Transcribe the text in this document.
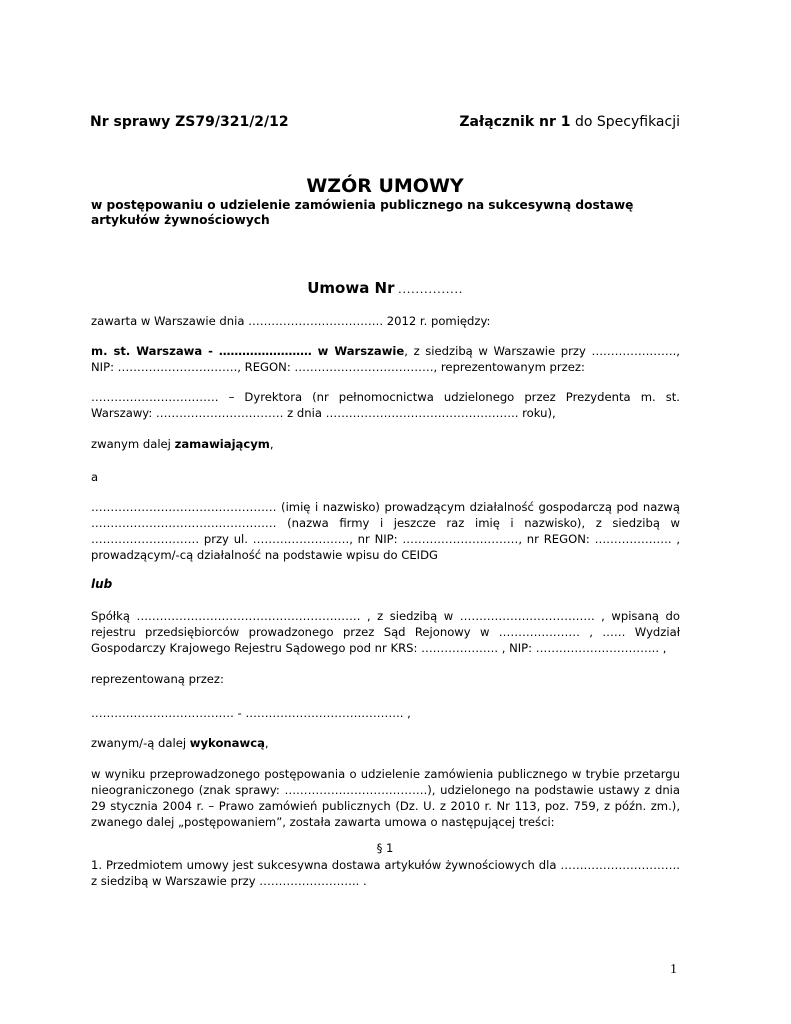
Nr sprawy ZS79/321/2/12	Załącznik nr 1 do Specyfikacji
WZÓR UMOWY
w postępowaniu o udzielenie zamówienia publicznego na sukcesywną dostawę artykułów żywnościowych
Umowa Nr ……………
zawarta w Warszawie dnia …………………………….. 2012 r. pomiędzy:
m. st. Warszawa - …………………… w Warszawie, z siedzibą w Warszawie przy …………………., NIP: …………………………., REGON: ………………………………, reprezentowanym przez:
…………………………… – Dyrektora (nr pełnomocnictwa udzielonego przez Prezydenta m. st. Warszawy: …………………………… z dnia ………………………………………….. roku),
zwanym dalej zamawiającym,
a
………………………………………… (imię i nazwisko) prowadzącym działalność gospodarczą pod nazwą ………………………………………… (nazwa firmy i jeszcze raz imię i nazwisko), z siedzibą w ………………………. przy ul. ……………………., nr NIP: …………………………, nr REGON: ……………….. , prowadzącym/-cą działalność na podstawie wpisu do CEIDG
lub
Spółką …………………………………………………. , z siedzibą w …………………………….. , wpisaną do rejestru przedsiębiorców prowadzonego przez Sąd Rejonowy w ………………… , …… Wydział Gospodarczy Krajowego Rejestru Sądowego pod nr KRS: ……………….. , NIP: ………………………….. ,
reprezentowaną przez:
………………………………. - ………………………………….. ,
zwanym/-ą dalej wykonawcą,
w wyniku przeprowadzonego postępowania o udzielenie zamówienia publicznego w trybie przetargu nieograniczonego (znak sprawy: ……………………………….), udzielonego na podstawie ustawy z dnia 29 stycznia 2004 r. – Prawo zamówień publicznych (Dz. U. z 2010 r. Nr 113, poz. 759, z późn. zm.), zwanego dalej „postępowaniem”, została zawarta umowa o następującej treści:
§ 1
1. Przedmiotem umowy jest sukcesywna dostawa artykułów żywnościowych dla …………………………. z siedzibą w Warszawie przy …………………….. .
1
